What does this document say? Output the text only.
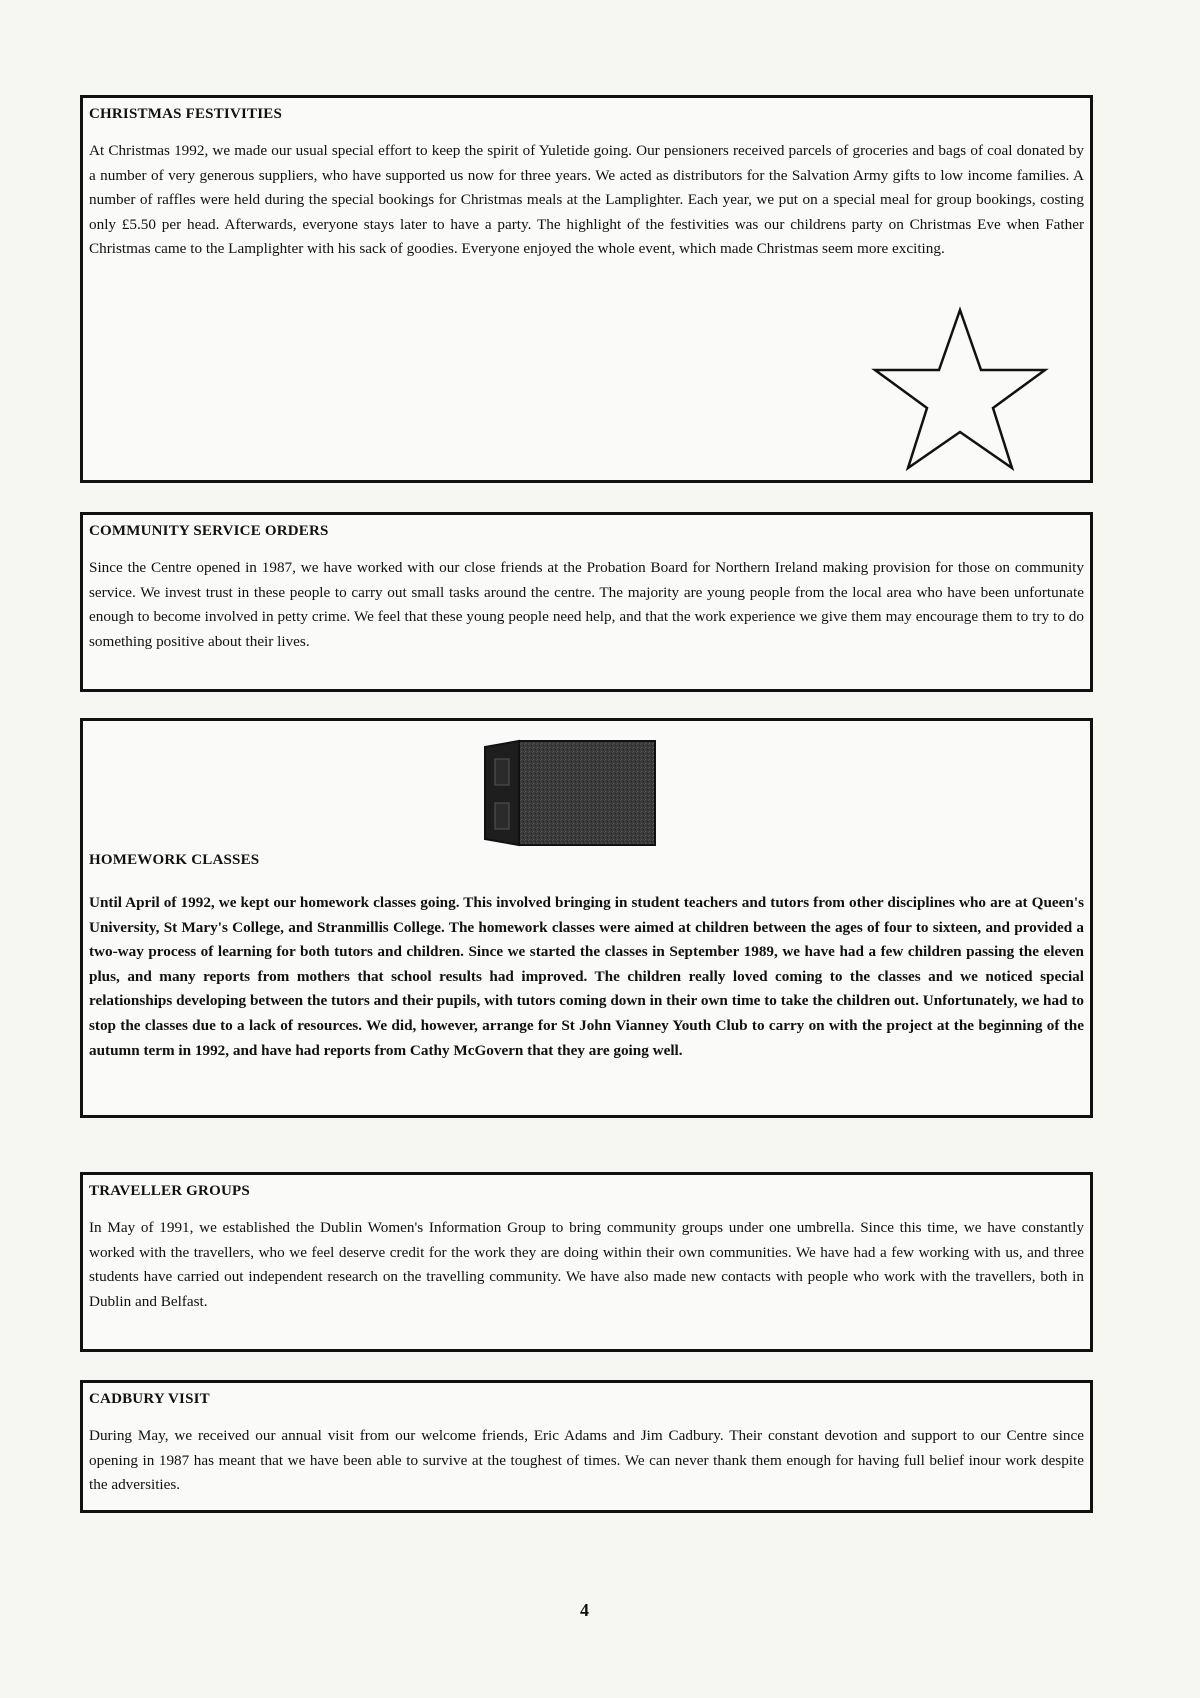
CHRISTMAS FESTIVITIES

At Christmas 1992, we made our usual special effort to keep the spirit of Yuletide going. Our pensioners received parcels of groceries and bags of coal donated by a number of very generous suppliers, who have supported us now for three years. We acted as distributors for the Salvation Army gifts to low income families. A number of raffles were held during the special bookings for Christmas meals at the Lamplighter. Each year, we put on a special meal for group bookings, costing only £5.50 per head. Afterwards, everyone stays later to have a party. The highlight of the festivities was our childrens party on Christmas Eve when Father Christmas came to the Lamplighter with his sack of goodies. Everyone enjoyed the whole event, which made Christmas seem more exciting.

COMMUNITY SERVICE ORDERS

Since the Centre opened in 1987, we have worked with our close friends at the Probation Board for Northern Ireland making provision for those on community service. We invest trust in these people to carry out small tasks around the centre. The majority are young people from the local area who have been unfortunate enough to become involved in petty crime. We feel that these young people need help, and that the work experience we give them may encourage them to try to do something positive about their lives.

HOMEWORK CLASSES

Until April of 1992, we kept our homework classes going. This involved bringing in student teachers and tutors from other disciplines who are at Queen's University, St Mary's College, and Stranmillis College. The homework classes were aimed at children between the ages of four to sixteen, and provided a two-way process of learning for both tutors and children. Since we started the classes in September 1989, we have had a few children passing the eleven plus, and many reports from mothers that school results had improved. The children really loved coming to the classes and we noticed special relationships developing between the tutors and their pupils, with tutors coming down in their own time to take the children out. Unfortunately, we had to stop the classes due to a lack of resources. We did, however, arrange for St John Vianney Youth Club to carry on with the project at the beginning of the autumn term in 1992, and have had reports from Cathy McGovern that they are going well.

TRAVELLER GROUPS

In May of 1991, we established the Dublin Women's Information Group to bring community groups under one umbrella. Since this time, we have constantly worked with the travellers, who we feel deserve credit for the work they are doing within their own communities. We have had a few working with us, and three students have carried out independent research on the travelling community. We have also made new contacts with people who work with the travellers, both in Dublin and Belfast.

CADBURY VISIT

During May, we received our annual visit from our welcome friends, Eric Adams and Jim Cadbury. Their constant devotion and support to our Centre since opening in 1987 has meant that we have been able to survive at the toughest of times. We can never thank them enough for having full belief inour work despite the adversities.

4
